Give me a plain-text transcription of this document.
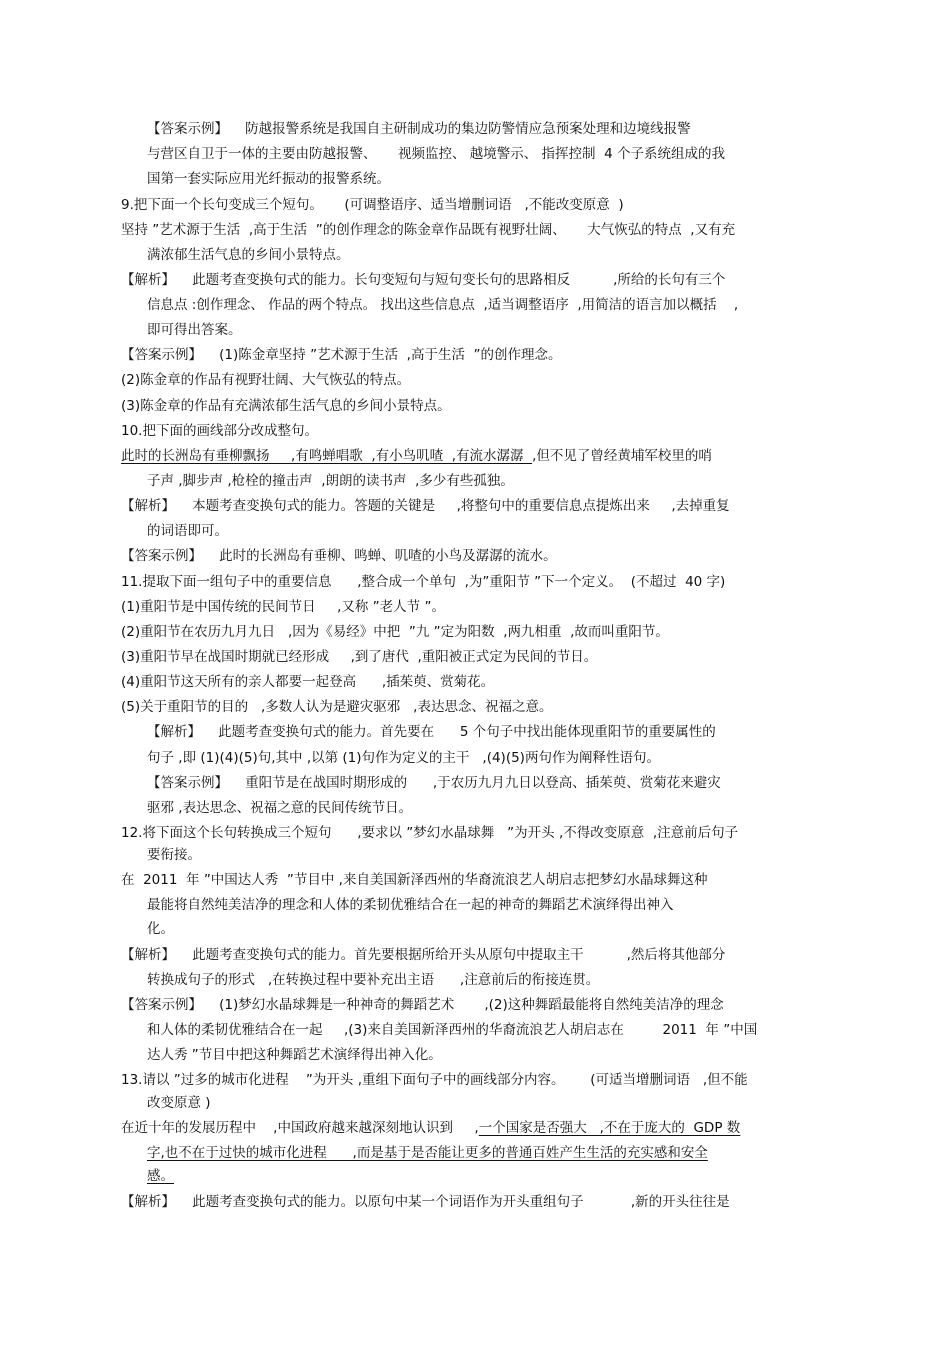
【答案示例】    防越报警系统是我国自主研制成功的集边防警情应急预案处理和边境线报警
与营区自卫于一体的主要由防越报警、     视频监控、 越境警示、 指挥控制  4 个子系统组成的我
国第一套实际应用光纤振动的报警系统。
9.把下面一个长句变成三个短句。     (可调整语序、适当增删词语   ,不能改变原意  )
坚持 ”艺术源于生活  ,高于生活  ”的创作理念的陈金章作品既有视野壮阔、     大气恢弘的特点  ,又有充
满浓郁生活气息的乡间小景特点。
【解析】    此题考查变换句式的能力。长句变短句与短句变长句的思路相反          ,所给的长句有三个
信息点 :创作理念、 作品的两个特点。 找出这些信息点  ,适当调整语序  ,用简洁的语言加以概括    ,
即可得出答案。
【答案示例】    (1)陈金章坚持 ”艺术源于生活  ,高于生活  ”的创作理念。
(2)陈金章的作品有视野壮阔、大气恢弘的特点。
(3)陈金章的作品有充满浓郁生活气息的乡间小景特点。
10.把下面的画线部分改成整句。
此时的长洲岛有垂柳飘扬     ,有鸣蝉唱歌  ,有小鸟叽喳  ,有流水潺潺  ,但不见了曾经黄埔军校里的哨
子声 ,脚步声 ,枪栓的撞击声  ,朗朗的读书声  ,多少有些孤独。
【解析】    本题考查变换句式的能力。答题的关键是     ,将整句中的重要信息点提炼出来     ,去掉重复
的词语即可。
【答案示例】    此时的长洲岛有垂柳、鸣蝉、叽喳的小鸟及潺潺的流水。
11.提取下面一组句子中的重要信息      ,整合成一个单句  ,为”重阳节 ”下一个定义。  (不超过  40 字)
(1)重阳节是中国传统的民间节日     ,又称 ”老人节 ”。
(2)重阳节在农历九月九日   ,因为《易经》中把  ”九 ”定为阳数  ,两九相重  ,故而叫重阳节。
(3)重阳节早在战国时期就已经形成     ,到了唐代  ,重阳被正式定为民间的节日。
(4)重阳节这天所有的亲人都要一起登高      ,插茱萸、赏菊花。
(5)关于重阳节的目的   ,多数人认为是避灾驱邪   ,表达思念、祝福之意。
【解析】    此题考查变换句式的能力。首先要在      5 个句子中找出能体现重阳节的重要属性的
句子 ,即 (1)(4)(5)句,其中 ,以第 (1)句作为定义的主干   ,(4)(5)两句作为阐释性语句。
【答案示例】    重阳节是在战国时期形成的      ,于农历九月九日以登高、插茱萸、赏菊花来避灾
驱邪 ,表达思念、祝福之意的民间传统节日。
12.将下面这个长句转换成三个短句      ,要求以 ”梦幻水晶球舞   ”为开头 ,不得改变原意  ,注意前后句子
要衔接。
在  2011  年 ”中国达人秀  ”节目中 ,来自美国新泽西州的华裔流浪艺人胡启志把梦幻水晶球舞这种
最能将自然纯美洁净的理念和人体的柔韧优雅结合在一起的神奇的舞蹈艺术演绎得出神入
化。
【解析】    此题考查变换句式的能力。首先要根据所给开头从原句中提取主干          ,然后将其他部分
转换成句子的形式   ,在转换过程中要补充出主语      ,注意前后的衔接连贯。
【答案示例】    (1)梦幻水晶球舞是一种神奇的舞蹈艺术       ,(2)这种舞蹈最能将自然纯美洁净的理念
和人体的柔韧优雅结合在一起     ,(3)来自美国新泽西州的华裔流浪艺人胡启志在         2011  年 ”中国
达人秀 ”节目中把这种舞蹈艺术演绎得出神入化。
13.请以 ”过多的城市化进程    ”为开头 ,重组下面句子中的画线部分内容。      (可适当增删词语   ,但不能
改变原意 )
在近十年的发展历程中    ,中国政府越来越深刻地认识到     ,一个国家是否强大   ,不在于庞大的  GDP 数
字,也不在于过快的城市化进程      ,而是基于是否能让更多的普通百姓产生生活的充实感和安全
感。
【解析】    此题考查变换句式的能力。以原句中某一个词语作为开头重组句子           ,新的开头往往是
